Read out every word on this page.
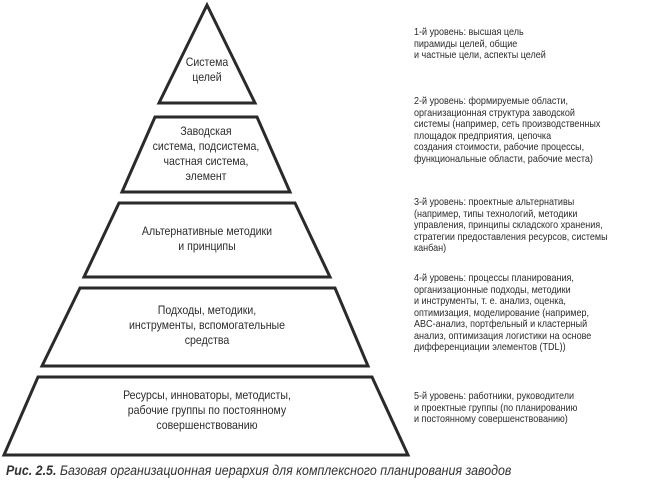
Система
целей
Заводская
система, подсистема,
частная система,
элемент
Альтернативные методики
и принципы
Подходы, методики,
инструменты, вспомогательные
средства
Ресурсы, инноваторы, методисты,
рабочие группы по постоянному
совершенствованию
1-й уровень: высшая цель
пирамиды целей, общие
и частные цели, аспекты целей
2-й уровень: формируемые области,
организационная структура заводской
системы (например, сеть производственных
площадок предприятия, цепочка
создания стоимости, рабочие процессы,
функциональные области, рабочие места)
3-й уровень: проектные альтернативы
(например, типы технологий, методики
управления, принципы складского хранения,
стратегии предоставления ресурсов, системы
канбан)
4-й уровень: процессы планирования,
организационные подходы, методики
и инструменты, т. е. анализ, оценка,
оптимизация, моделирование (например,
ABC-анализ, портфельный и кластерный
анализ, оптимизация логистики на основе
дифференциации элементов (TDL))
5-й уровень: работники, руководители
и проектные группы (по планированию
и постоянному совершенствованию)
Рис. 2.5. Базовая организационная иерархия для комплексного планирования заводов
